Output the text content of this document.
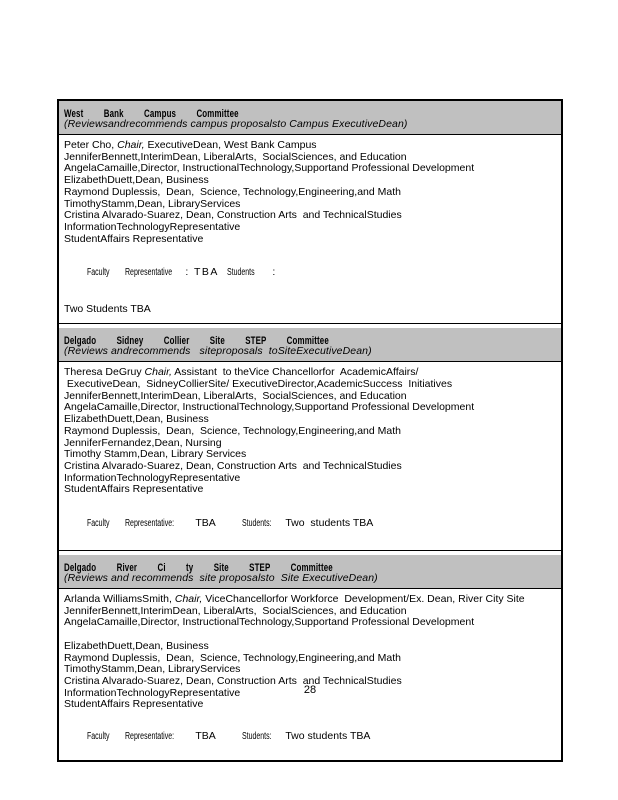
West Bank Campus Committee
(Reviewsandrecommends campus proposalsto Campus ExecutiveDean)
Peter Cho, Chair, ExecutiveDean, West Bank Campus
JenniferBennett,InterimDean, LiberalArts,  SocialSciences, and Education
AngelaCamaille,Director, InstructionalTechnology,Supportand Professional Development
ElizabethDuett,Dean, Business
Raymond Duplessis,  Dean,  Science, Technology,Engineering,and Math
TimothyStamm,Dean, LibraryServices
Cristina Alvarado-Suarez, Dean, Construction Arts  and TechnicalStudies
InformationTechnologyRepresentative
StudentAffairs Representative

Faculty Representative : TBA Students :

Two Students TBA
Delgado Sidney Collier Site STEP Committee
(Reviews andrecommends   siteproposals  toSiteExecutiveDean)
Theresa DeGruy Chair, Assistant  to theVice Chancellorfor  AcademicAffairs/
ExecutiveDean,  SidneyCollierSite/ ExecutiveDirector,AcademicSuccess  Initiatives
JenniferBennett,InterimDean, LiberalArts,  SocialSciences, and Education
AngelaCamaille,Director, InstructionalTechnology,Supportand Professional Development
ElizabethDuett,Dean, Business
Raymond Duplessis,  Dean,  Science, Technology,Engineering,and Math
JenniferFernandez,Dean, Nursing
Timothy Stamm,Dean, Library Services
Cristina Alvarado-Suarez, Dean, Construction Arts  and TechnicalStudies
InformationTechnologyRepresentative
StudentAffairs Representative

Faculty Representative: TBA	Students: Two  students TBA

Delgado River Ci ty Site STEP Committee
(Reviews and recommends  site proposalsto  Site ExecutiveDean)
Arlanda WilliamsSmith, Chair, ViceChancellorfor Workforce  Development/Ex. Dean, River City Site
JenniferBennett,InterimDean, LiberalArts,  SocialSciences, and Education
AngelaCamaille,Director, InstructionalTechnology,Supportand Professional Development

ElizabethDuett,Dean, Business
Raymond Duplessis,  Dean,  Science, Technology,Engineering,and Math
TimothyStamm,Dean, LibraryServices
Cristina Alvarado-Suarez, Dean, Construction Arts  and TechnicalStudies
InformationTechnologyRepresentative
StudentAffairs Representative

Faculty Representative: TBA	Students: Two students TBA

28
